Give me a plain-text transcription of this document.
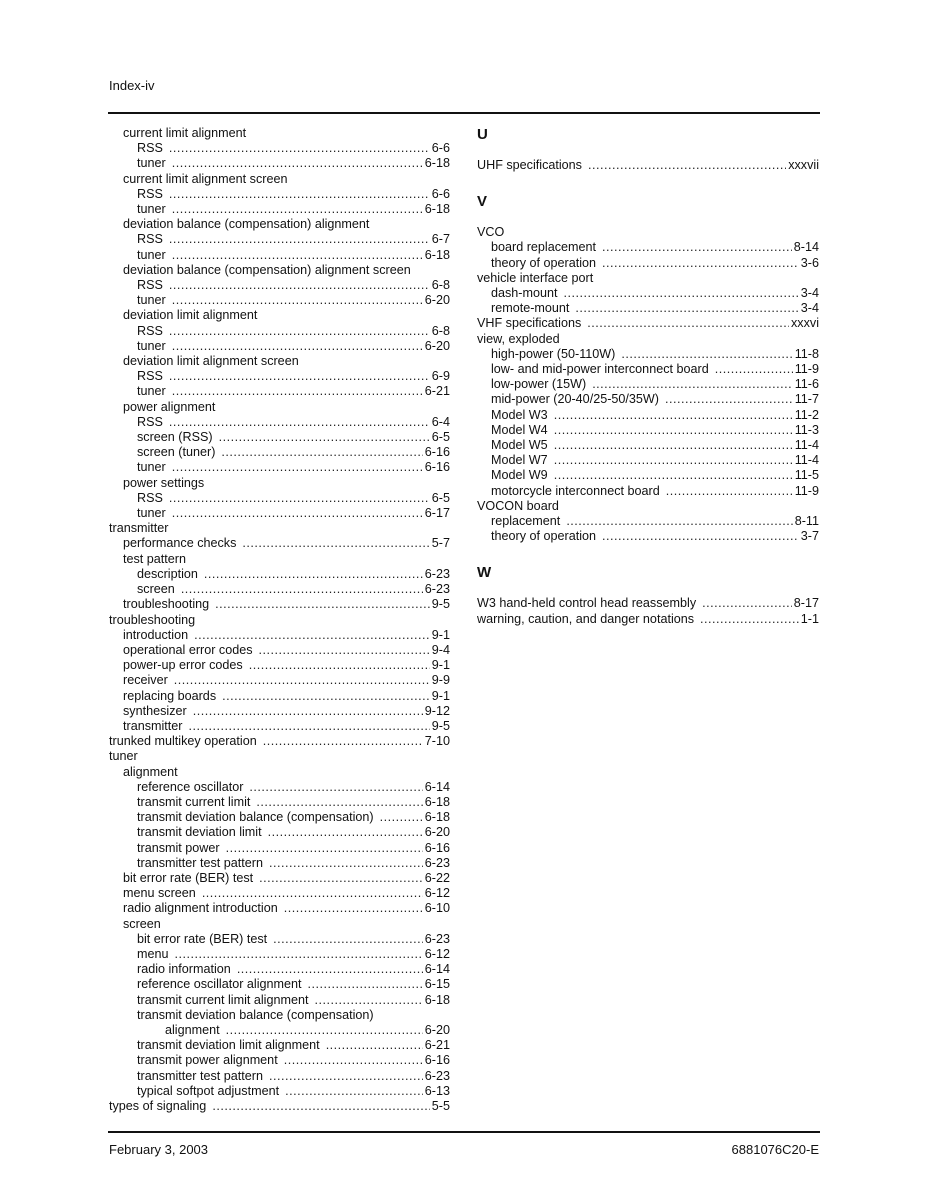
Index-iv
current limit alignment
RSS .....	6-6
tuner .....	6-18
current limit alignment screen
RSS .....	6-6
tuner .....	6-18
deviation balance (compensation) alignment
RSS .....	6-7
tuner .....	6-18
deviation balance (compensation) alignment screen
RSS .....	6-8
tuner .....	6-20
deviation limit alignment
RSS .....	6-8
tuner .....	6-20
deviation limit alignment screen
RSS .....	6-9
tuner .....	6-21
power alignment
RSS .....	6-4
screen (RSS) .....	6-5
screen (tuner) .....	6-16
tuner .....	6-16
power settings
RSS .....	6-5
tuner .....	6-17
transmitter
performance checks .....	5-7
test pattern
description .....	6-23
screen .....	6-23
troubleshooting .....	9-5
troubleshooting
introduction .....	9-1
operational error codes .....	9-4
power-up error codes .....	9-1
receiver .....	9-9
replacing boards .....	9-1
synthesizer .....	9-12
transmitter .....	9-5
trunked multikey operation .....	7-10
tuner
alignment
reference oscillator .....	6-14
transmit current limit .....	6-18
transmit deviation balance (compensation) .....	6-18
transmit deviation limit .....	6-20
transmit power .....	6-16
transmitter test pattern .....	6-23
bit error rate (BER) test .....	6-22
menu screen .....	6-12
radio alignment introduction .....	6-10
screen
bit error rate (BER) test .....	6-23
menu .....	6-12
radio information .....	6-14
reference oscillator alignment .....	6-15
transmit current limit alignment .....	6-18
transmit deviation balance (compensation)
alignment .....	6-20
transmit deviation limit alignment .....	6-21
transmit power alignment .....	6-16
transmitter test pattern .....	6-23
typical softpot adjustment .....	6-13
types of signaling .....	5-5
U
UHF specifications .....	xxxvii
V
VCO
board replacement .....	8-14
theory of operation .....	3-6
vehicle interface port
dash-mount .....	3-4
remote-mount .....	3-4
VHF specifications .....	xxxvi
view, exploded
high-power (50-110W) .....	11-8
low- and mid-power interconnect board .....	11-9
low-power (15W) .....	11-6
mid-power (20-40/25-50/35W) .....	11-7
Model W3 .....	11-2
Model W4 .....	11-3
Model W5 .....	11-4
Model W7 .....	11-4
Model W9 .....	11-5
motorcycle interconnect board .....	11-9
VOCON board
replacement .....	8-11
theory of operation .....	3-7
W
W3 hand-held control head reassembly .....	8-17
warning, caution, and danger notations .....	1-1
February 3, 2003	6881076C20-E
